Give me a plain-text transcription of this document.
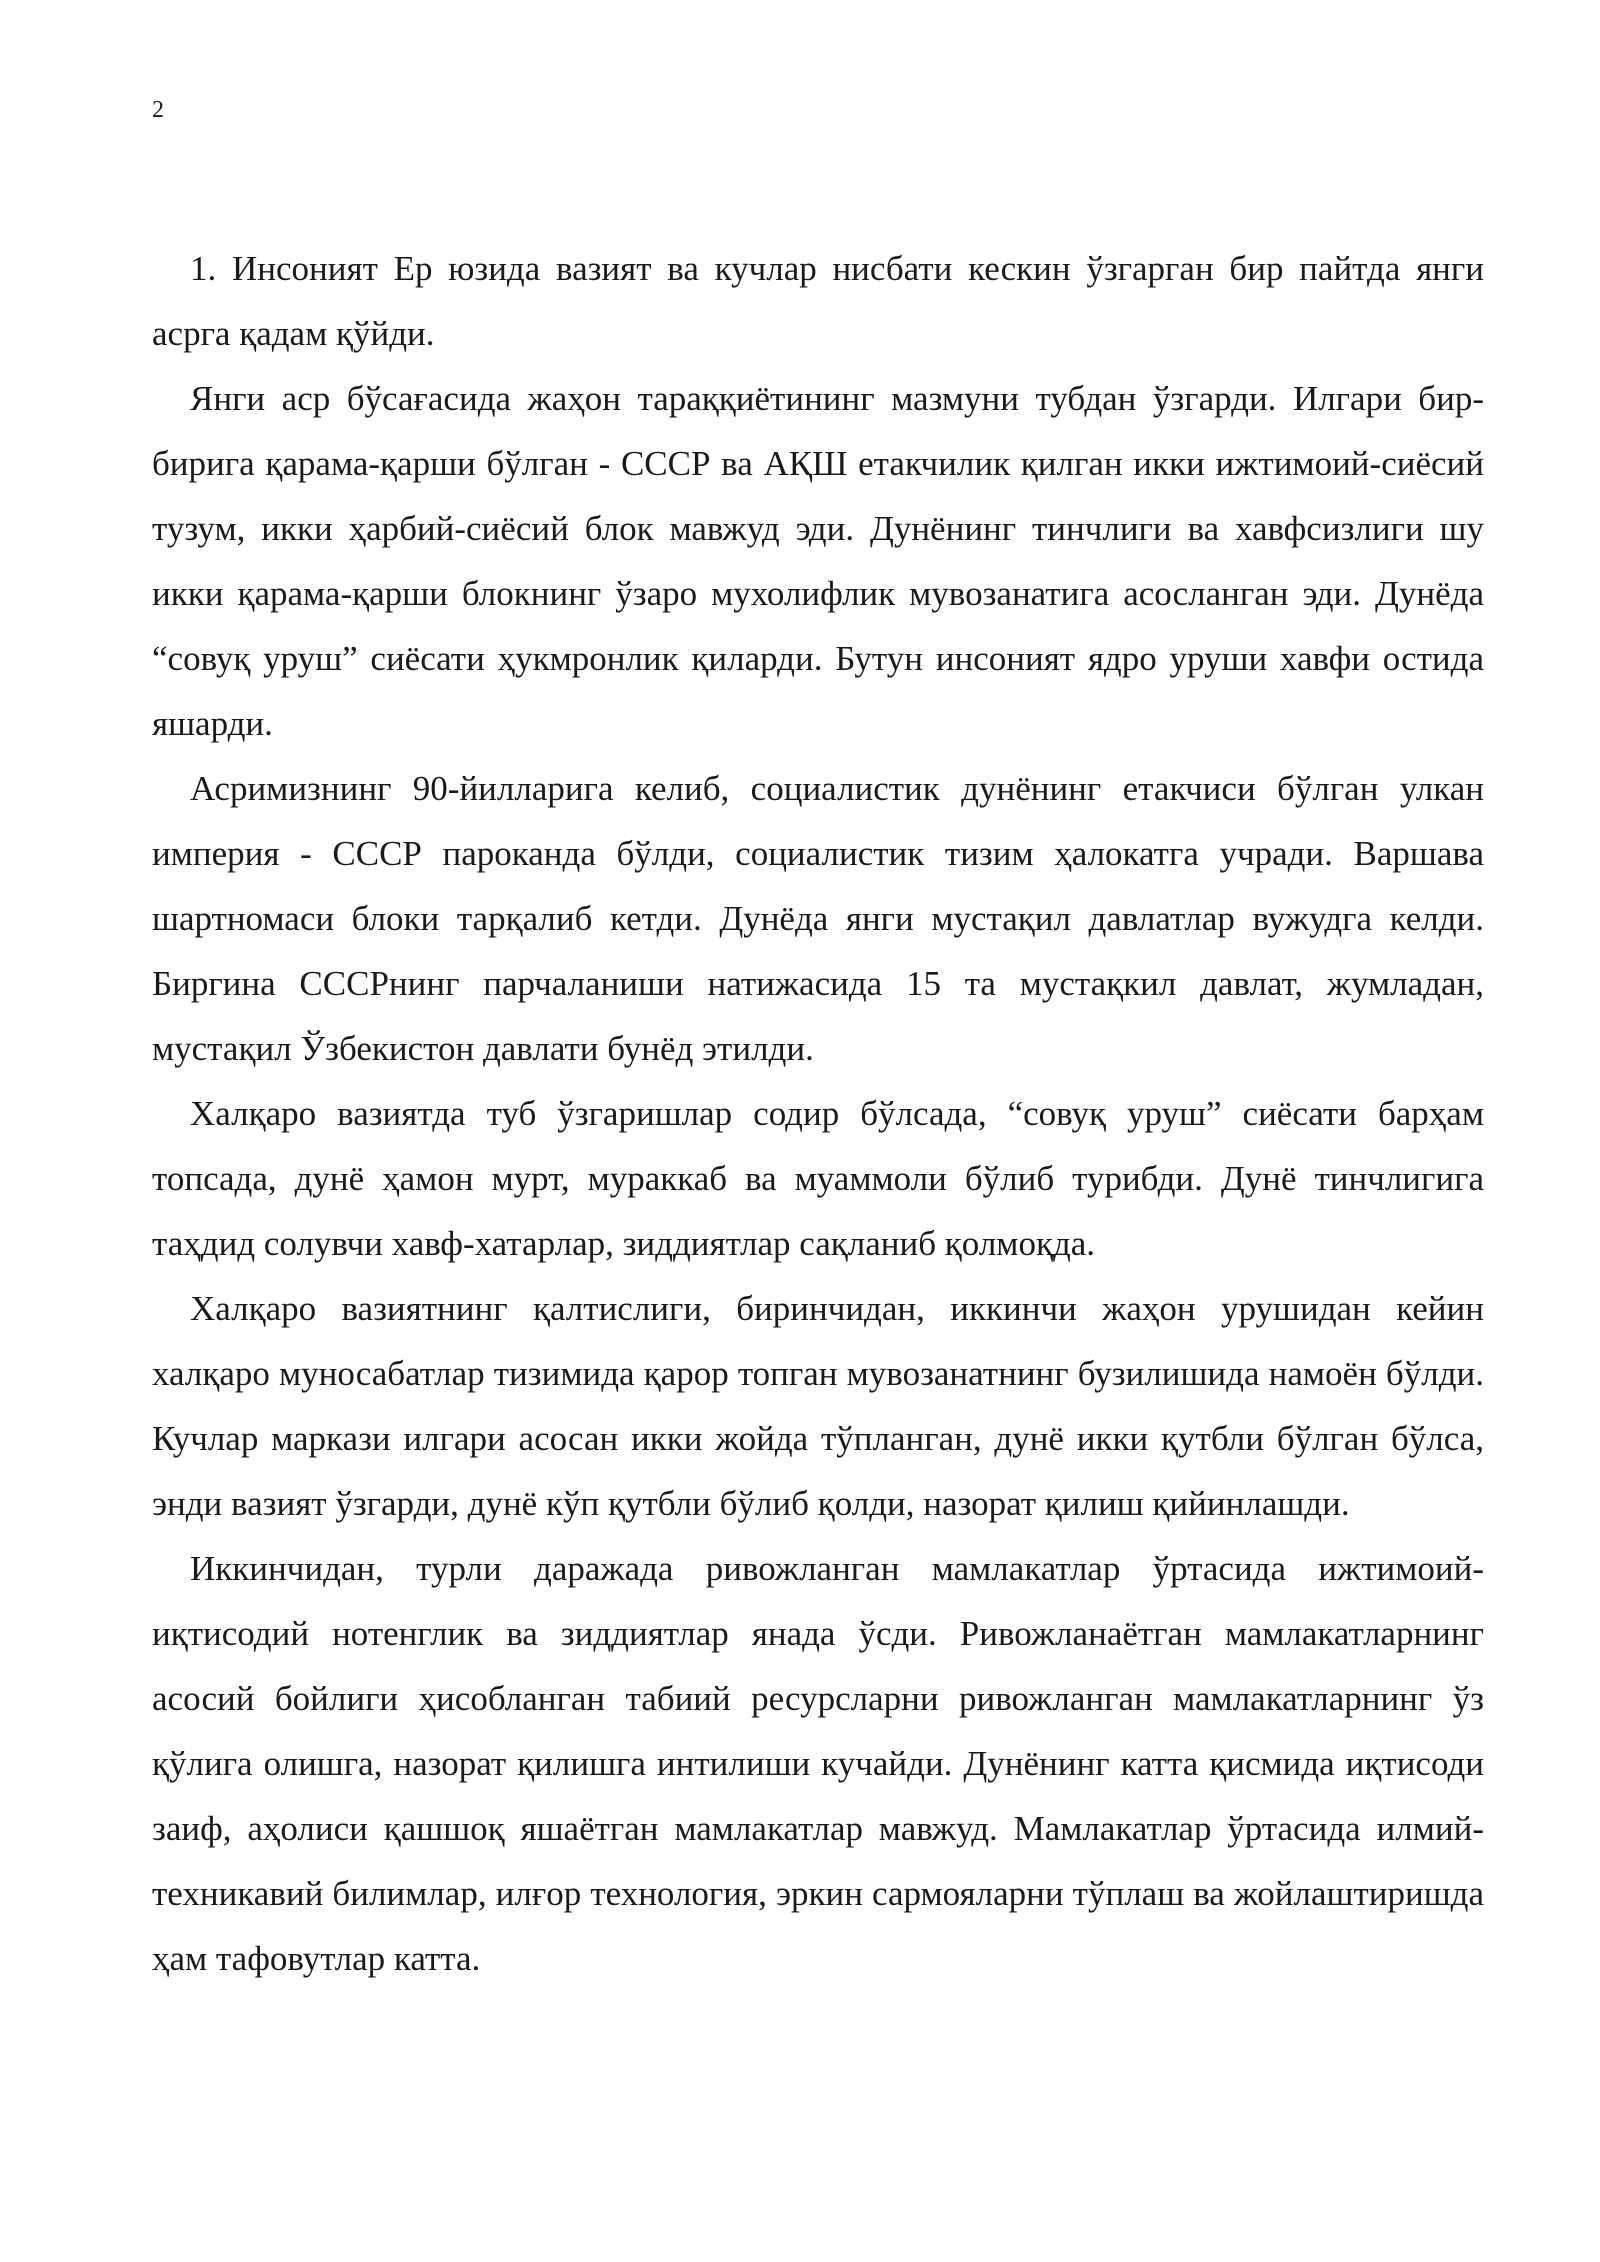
2

1. Инсоният Ер юзида вазият ва кучлар нисбати кескин ўзгарган бир пайтда янги асрга қадам қўйди.

Янги аср бўсағасида жаҳон тараққиётининг мазмуни тубдан ўзгарди. Илгари бир-бирига қарама-қарши бўлган - СССР ва АҚШ етакчилик қилган икки ижтимоий-сиёсий тузум, икки ҳарбий-сиёсий блок мавжуд эди. Дунёнинг тинчлиги ва хавфсизлиги шу икки қарама-қарши блокнинг ўзаро мухолифлик мувозанатига асосланган эди. Дунёда “совуқ уруш” сиёсати ҳукмронлик қиларди. Бутун инсоният ядро уруши хавфи остида яшарди.

Асримизнинг 90-йилларига келиб, социалистик дунёнинг етакчиси бўлган улкан империя - СССР пароканда бўлди, социалистик тизим ҳалокатга учради. Варшава шартномаси блоки тарқалиб кетди. Дунёда янги мустақил давлатлар вужудга келди. Биргина СССРнинг парчаланиши натижасида 15 та мустақкил давлат, жумладан, мустақил Ўзбекистон давлати бунёд этилди.

Халқаро вазиятда туб ўзгаришлар содир бўлсада, “совуқ уруш” сиёсати барҳам топсада, дунё ҳамон мурт, мураккаб ва муаммоли бўлиб турибди. Дунё тинчлигига таҳдид солувчи хавф-хатарлар, зиддиятлар сақланиб қолмоқда.

Халқаро вазиятнинг қалтислиги, биринчидан, иккинчи жаҳон урушидан кейин халқаро муносабатлар тизимида қарор топган мувозанатнинг бузилишида намоён бўлди. Кучлар маркази илгари асосан икки жойда тўпланган, дунё икки қутбли бўлган бўлса, энди вазият ўзгарди, дунё кўп қутбли бўлиб қолди, назорат қилиш қийинлашди.

Иккинчидан, турли даражада ривожланган мамлакатлар ўртасида ижтимоий-иқтисодий нотенглик ва зиддиятлар янада ўсди. Ривожланаётган мамлакатларнинг асосий бойлиги ҳисобланган табиий ресурсларни ривожланган мамлакатларнинг ўз қўлига олишга, назорат қилишга интилиши кучайди. Дунёнинг катта қисмида иқтисоди заиф, аҳолиси қашшоқ яшаётган мамлакатлар мавжуд. Мамлакатлар ўртасида илмий-техникавий билимлар, илғор технология, эркин сармояларни тўплаш ва жойлаштиришда ҳам тафовутлар катта.
